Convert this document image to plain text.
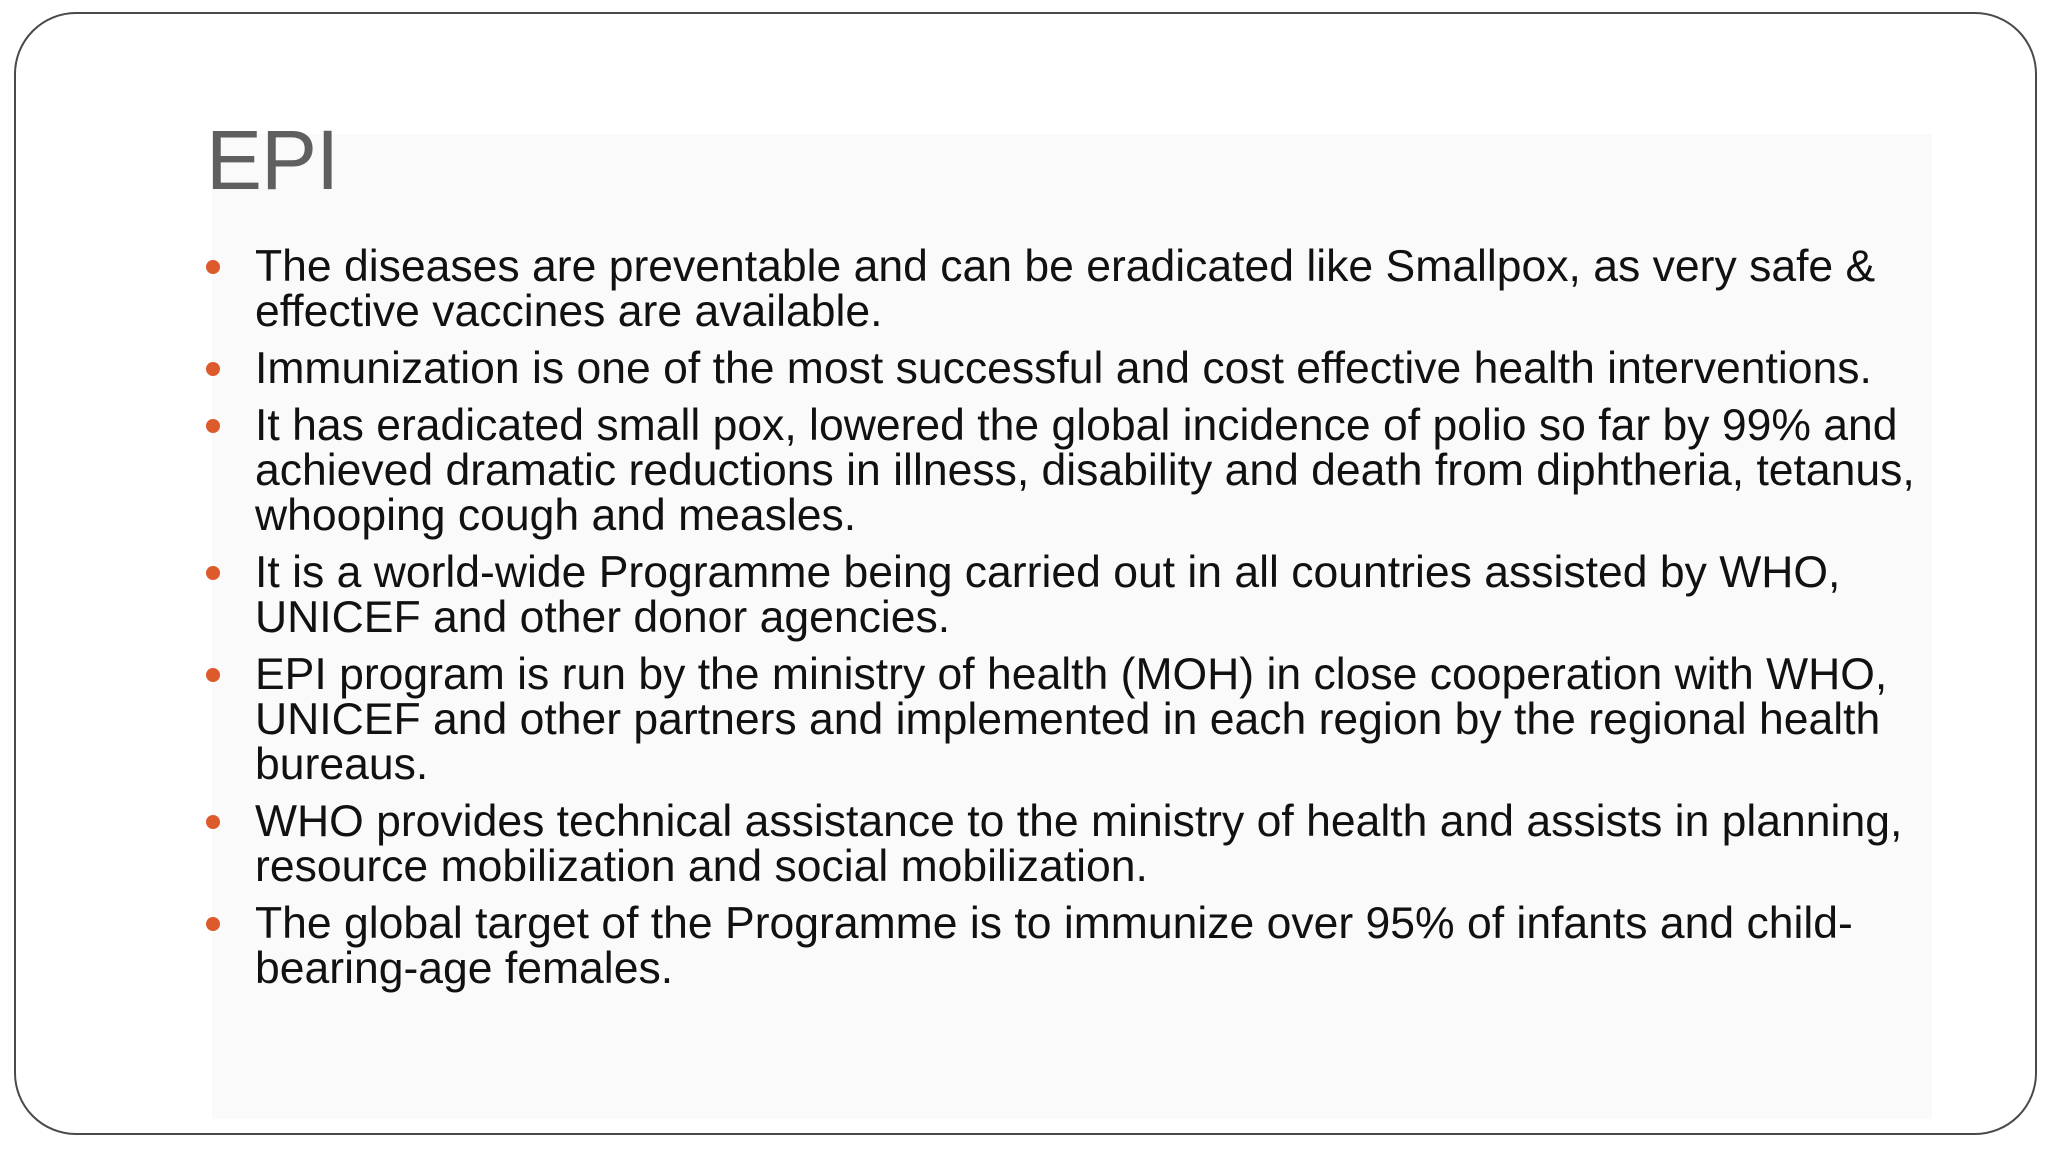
EPI
The diseases are preventable and can be eradicated like Smallpox, as very safe & effective vaccines are available.
Immunization is one of the most successful and cost effective health interventions.
It has eradicated small pox, lowered the global incidence of polio so far by 99% and achieved dramatic reductions in illness, disability and death from diphtheria, tetanus, whooping cough and measles.
It is a world-wide Programme being carried out in all countries assisted by WHO, UNICEF and other donor agencies.
EPI program is run by the ministry of health (MOH) in close cooperation with WHO, UNICEF and other partners and implemented in each region by the regional health bureaus.
WHO provides technical assistance to the ministry of health and assists in planning, resource mobilization and social mobilization.
The global target of the Programme is to immunize over 95% of infants and child-bearing-age females.
